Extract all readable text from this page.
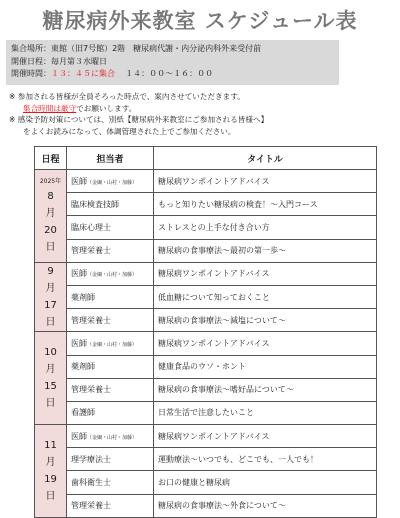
糖尿病外来教室 スケジュール表
集合場所：東館（旧7号館）2階　糖尿病代謝・内分泌内科外来受付前
開催日程：毎月第３水曜日
開催時間：１３：４５に集合 １４：００～１６：００
※ 参加される皆様が全員そろった時点で、案内させていただきます。
集合時間は厳守でお願いします。
※ 感染予防対策については、別紙【糖尿病外来教室にご参加される皆様へ】
をよくお読みになって、体調管理された上でご参加ください。
日程	担当者	タイトル

2025年
8
月
20
日	医師（金綱・山村・加藤）	糖尿病ワンポイントアドバイス
	臨床検査技師	もっと知りたい糖尿病の検査！～入門コース
	臨床心理士	ストレスとの上手な付き合い方
	管理栄養士	糖尿病の食事療法～最初の第一歩～

9
月
17
日	医師（金綱・山村・加藤）	糖尿病ワンポイントアドバイス
	薬剤師	低血糖について知っておくこと
	管理栄養士	糖尿病の食事療法～減塩について～

10
月
15
日	医師（金綱・山村・加藤）	糖尿病ワンポイントアドバイス
	薬剤師	健康食品のウソ・ホント
	管理栄養士	糖尿病の食事療法～嗜好品について～
	看護師	日常生活で注意したいこと

11
月
19
日	医師（金綱・山村・加藤）	糖尿病ワンポイントアドバイス
	理学療法士	運動療法～いつでも、どこでも、一人でも！
	歯科衛生士	お口の健康と糖尿病
	管理栄養士	糖尿病の食事療法～外食について～
